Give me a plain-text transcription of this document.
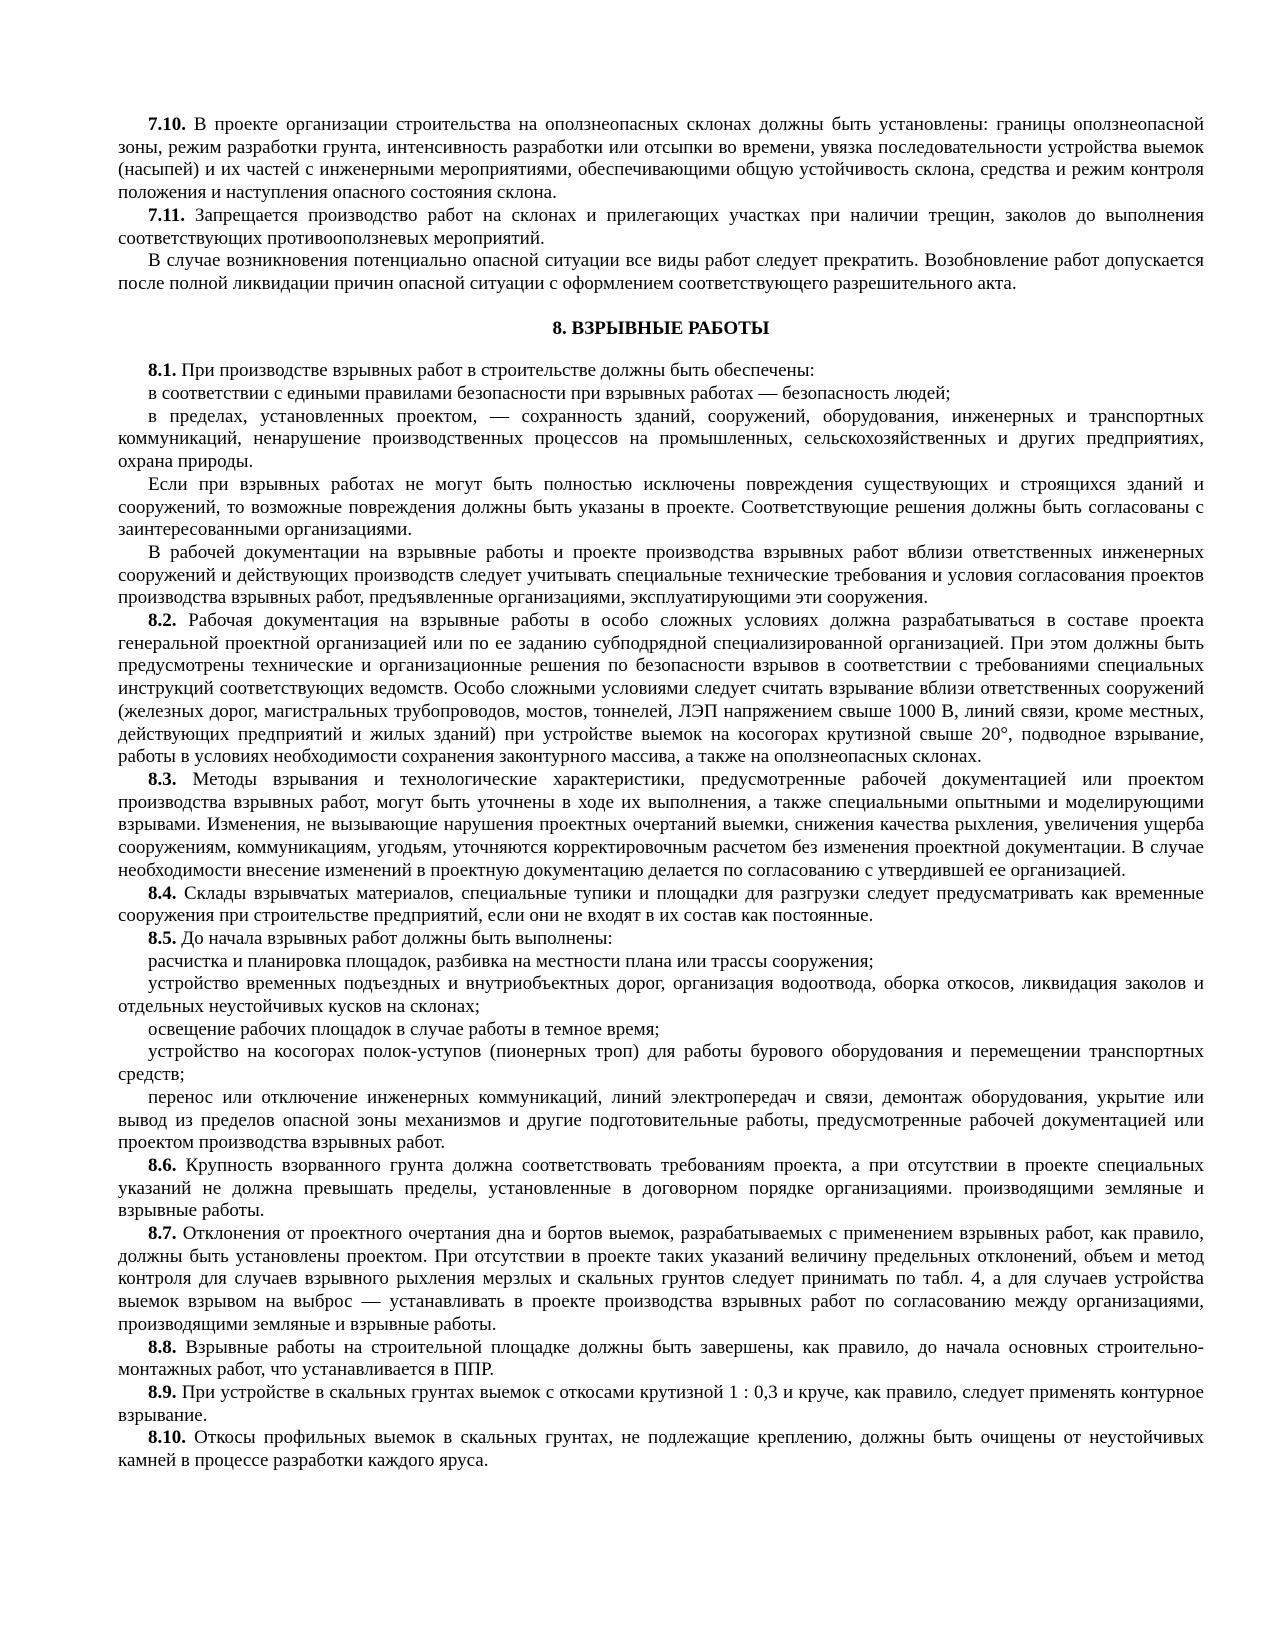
7.10. В проекте организации строительства на оползнеопасных склонах должны быть установлены: границы оползнеопасной зоны, режим разработки грунта, интенсивность разработки или отсыпки во времени, увязка последовательности устройства выемок (насыпей) и их частей с инженерными мероприятиями, обеспечивающими общую устойчивость склона, средства и режим контроля положения и наступления опасного состояния склона.

7.11. Запрещается производство работ на склонах и прилегающих участках при наличии трещин, заколов до выполнения соответствующих противооползневых мероприятий.

В случае возникновения потенциально опасной ситуации все виды работ следует прекратить. Возобновление работ допускается после полной ликвидации причин опасной ситуации с оформлением соответствующего разрешительного акта.

8. ВЗРЫВНЫЕ РАБОТЫ

8.1. При производстве взрывных работ в строительстве должны быть обеспечены:

в соответствии с едиными правилами безопасности при взрывных работах — безопасность людей;

в пределах, установленных проектом, — сохранность зданий, сооружений, оборудования, инженерных и транспортных коммуникаций, ненарушение производственных процессов на промышленных, сельскохозяйственных и других предприятиях, охрана природы.

Если при взрывных работах не могут быть полностью исключены повреждения существующих и строящихся зданий и сооружений, то возможные повреждения должны быть указаны в проекте. Соответствующие решения должны быть согласованы с заинтересованными организациями.

В рабочей документации на взрывные работы и проекте производства взрывных работ вблизи ответственных инженерных сооружений и действующих производств следует учитывать специальные технические требования и условия согласования проектов производства взрывных работ, предъявленные организациями, эксплуатирующими эти сооружения.

8.2. Рабочая документация на взрывные работы в особо сложных условиях должна разрабатываться в составе проекта генеральной проектной организацией или по ее заданию субподрядной специализированной организацией. При этом должны быть предусмотрены технические и организационные решения по безопасности взрывов в соответствии с требованиями специальных инструкций соответствующих ведомств. Особо сложными условиями следует считать взрывание вблизи ответственных сооружений (железных дорог, магистральных трубопроводов, мостов, тоннелей, ЛЭП напряжением свыше 1000 В, линий связи, кроме местных, действующих предприятий и жилых зданий) при устройстве выемок на косогорах крутизной свыше 20°, подводное взрывание, работы в условиях необходимости сохранения законтурного массива, а также на оползнеопасных склонах.

8.3. Методы взрывания и технологические характеристики, предусмотренные рабочей документацией или проектом производства взрывных работ, могут быть уточнены в ходе их выполнения, а также специальными опытными и моделирующими взрывами. Изменения, не вызывающие нарушения проектных очертаний выемки, снижения качества рыхления, увеличения ущерба сооружениям, коммуникациям, угодьям, уточняются корректировочным расчетом без изменения проектной документации. В случае необходимости внесение изменений в проектную документацию делается по согласованию с утвердившей ее организацией.

8.4. Склады взрывчатых материалов, специальные тупики и площадки для разгрузки следует предусматривать как временные сооружения при строительстве предприятий, если они не входят в их состав как постоянные.

8.5. До начала взрывных работ должны быть выполнены:

расчистка и планировка площадок, разбивка на местности плана или трассы сооружения;

устройство временных подъездных и внутриобъектных дорог, организация водоотвода, оборка откосов, ликвидация заколов и отдельных неустойчивых кусков на склонах;

освещение рабочих площадок в случае работы в темное время;

устройство на косогорах полок-уступов (пионерных троп) для работы бурового оборудования и перемещении транспортных средств;

перенос или отключение инженерных коммуникаций, линий электропередач и связи, демонтаж оборудования, укрытие или вывод из пределов опасной зоны механизмов и другие подготовительные работы, предусмотренные рабочей документацией или проектом производства взрывных работ.

8.6. Крупность взорванного грунта должна соответствовать требованиям проекта, а при отсутствии в проекте специальных указаний не должна превышать пределы, установленные в договорном порядке организациями. производящими земляные и взрывные работы.

8.7. Отклонения от проектного очертания дна и бортов выемок, разрабатываемых с применением взрывных работ, как правило, должны быть установлены проектом. При отсутствии в проекте таких указаний величину предельных отклонений, объем и метод контроля для случаев взрывного рыхления мерзлых и скальных грунтов следует принимать по табл. 4, а для случаев устройства выемок взрывом на выброс — устанавливать в проекте производства взрывных работ по согласованию между организациями, производящими земляные и взрывные работы.

8.8. Взрывные работы на строительной площадке должны быть завершены, как правило, до начала основных строительно-монтажных работ, что устанавливается в ППР.

8.9. При устройстве в скальных грунтах выемок с откосами крутизной 1 : 0,3 и круче, как правило, следует применять контурное взрывание.

8.10. Откосы профильных выемок в скальных грунтах, не подлежащие креплению, должны быть очищены от неустойчивых камней в процессе разработки каждого яруса.
